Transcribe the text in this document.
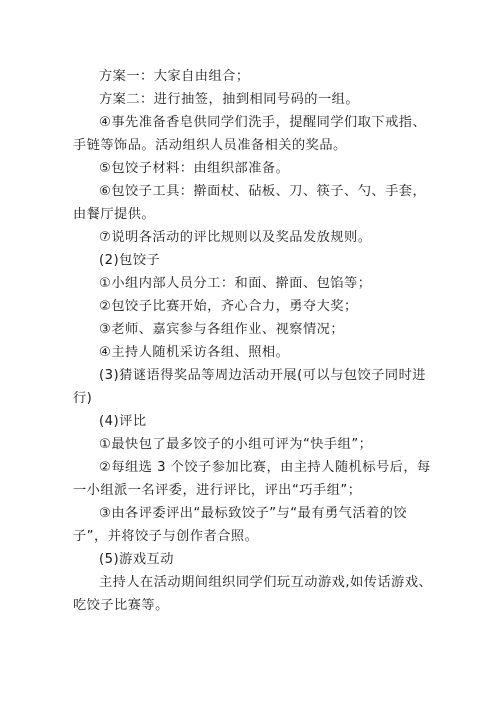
方案一：大家自由组合；

方案二：进行抽签，抽到相同号码的一组。

④事先准备香皂供同学们洗手，提醒同学们取下戒指、手链等饰品。活动组织人员准备相关的奖品。

⑤包饺子材料：由组织部准备。

⑥包饺子工具：擀面杖、砧板、刀、筷子、勺、手套，由餐厅提供。

⑦说明各活动的评比规则以及奖品发放规则。

(2)包饺子

①小组内部人员分工：和面、擀面、包馅等；

②包饺子比赛开始，齐心合力，勇夺大奖；

③老师、嘉宾参与各组作业、视察情况；

④主持人随机采访各组、照相。

(3)猜谜语得奖品等周边活动开展(可以与包饺子同时进行)

(4)评比

①最快包了最多饺子的小组可评为“快手组”；

②每组选 3 个饺子参加比赛，由主持人随机标号后，每一小组派一名评委，进行评比，评出“巧手组”；

③由各评委评出“最标致饺子”与“最有勇气活着的饺子”，并将饺子与创作者合照。

(5)游戏互动

主持人在活动期间组织同学们玩互动游戏,如传话游戏、吃饺子比赛等。
